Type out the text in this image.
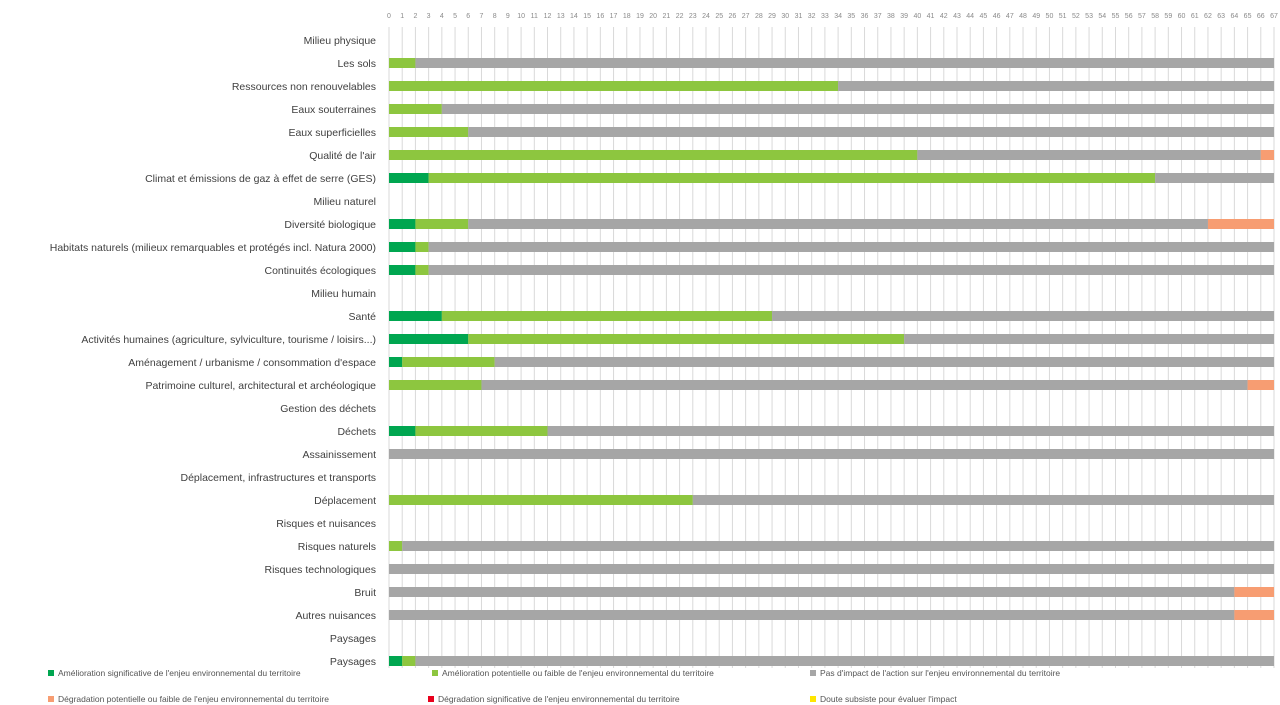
0 1 2 3 4 5 6 7 8 9 10 11 12 13 14 15 16 17 18 19 20 21 22 23 24 25 26 27 28 29 30 31 32 33 34 35 36 37 38 39 40 41 42 43 44 45 46 47 48 49 50 51 52 53 54 55 56 57 58 59 60 61 62 63 64 65 66 67
Milieu physique
Les sols
Ressources non renouvelables
Eaux souterraines
Eaux superficielles
Qualité de l'air
Climat et émissions de gaz à effet de serre (GES)
Milieu naturel
Diversité biologique
Habitats naturels (milieux remarquables et protégés incl. Natura 2000)
Continuités écologiques
Milieu humain
Santé
Activités humaines (agriculture, sylviculture, tourisme / loisirs...)
Aménagement / urbanisme / consommation d'espace
Patrimoine culturel, architectural et archéologique
Gestion des déchets
Déchets
Assainissement
Déplacement, infrastructures et transports
Déplacement
Risques et nuisances
Risques naturels
Risques technologiques
Bruit
Autres nuisances
Paysages
Paysages
Amélioration significative de l'enjeu environnemental du territoire	Amélioration potentielle ou faible de l'enjeu environnemental du territoire	Pas d'impact de l'action sur l'enjeu environnemental du territoire
Dégradation potentielle ou faible de l'enjeu environnemental du territoire	Dégradation significative de l'enjeu environnemental du territoire	Doute subsiste pour évaluer l'impact
